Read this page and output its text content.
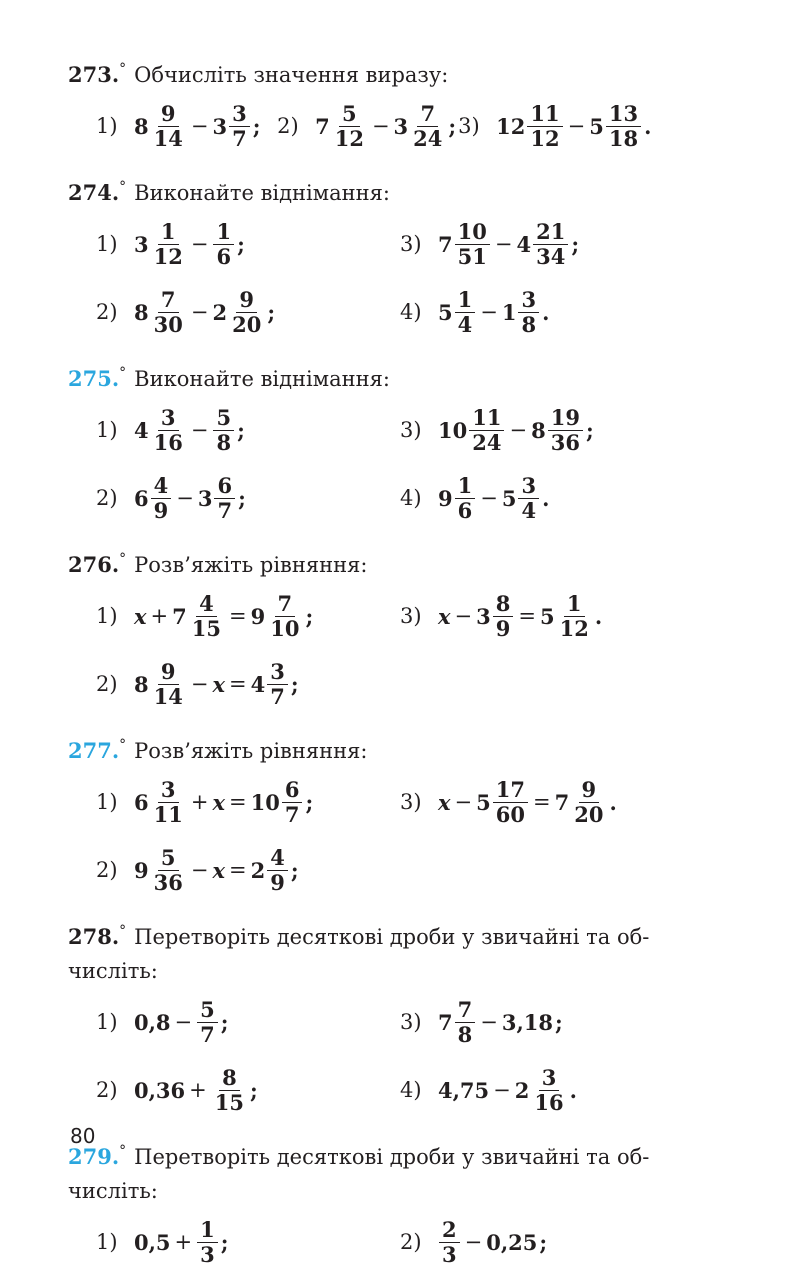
273.° Обчисліть значення виразу:
1) $8 \frac{9}{14} - 3 \frac{3}{7}$ ; 2) $7 \frac{5}{12} - 3 \frac{7}{24}$ ; 3) $12 \frac{11}{12} - 5 \frac{13}{18}$ .
274.° Виконайте віднімання:
1) $3 \frac{1}{12} - \frac{1}{6}$ ;	3) $7 \frac{10}{51} - 4 \frac{21}{34}$ ;
2) $8 \frac{7}{30} - 2 \frac{9}{20}$ ;	4) $5 \frac{1}{4} - 1 \frac{3}{8}$ .
275.° Виконайте віднімання:
1) $4 \frac{3}{16} - \frac{5}{8}$ ;	3) $10 \frac{11}{24} - 8 \frac{19}{36}$ ;
2) $6 \frac{4}{9} - 3 \frac{6}{7}$ ;	4) $9 \frac{1}{6} - 5 \frac{3}{4}$ .
276.° Розв’яжіть рівняння:
1) $x + 7 \frac{4}{15} = 9 \frac{7}{10}$ ;	3) $x - 3 \frac{8}{9} = 5 \frac{1}{12}$ .
2) $8 \frac{9}{14} - x = 4 \frac{3}{7}$ ;
277.° Розв’яжіть рівняння:
1) $6 \frac{3}{11} + x = 10 \frac{6}{7}$ ;	3) $x - 5 \frac{17}{60} = 7 \frac{9}{20}$ .
2) $9 \frac{5}{36} - x = 2 \frac{4}{9}$ ;
278.° Перетворіть десяткові дроби у звичайні та об-
числіть:
1) $0,8 - \frac{5}{7}$ ;	3) $7 \frac{7}{8} - 3,18$ ;
2) $0,36 + \frac{8}{15}$ ;	4) $4,75 - 2 \frac{3}{16}$ .
279.° Перетворіть десяткові дроби у звичайні та об-
числіть:
1) $0,5 + \frac{1}{3}$ ;	$2) \frac{2}{3} - 0,25$ ;
80
